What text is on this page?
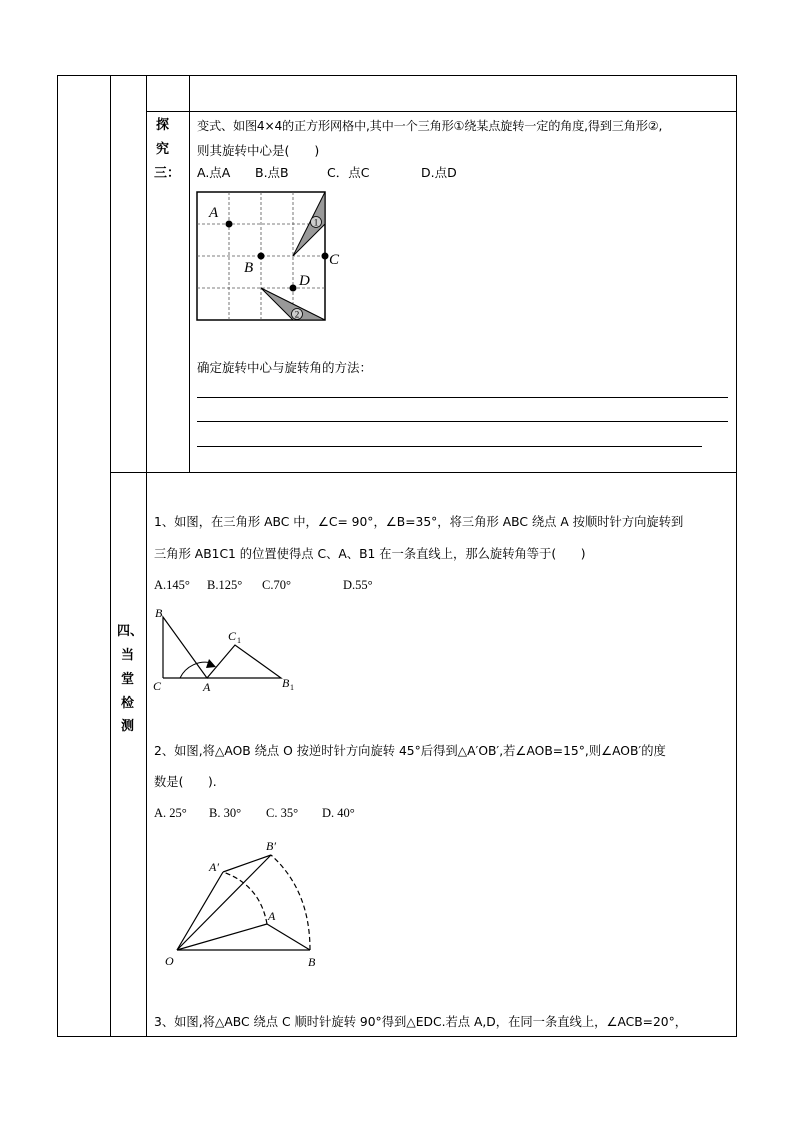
探
究
三：
变式、如图4×4的正方形网格中,其中一个三角形①绕某点旋转一定的角度,得到三角形②,
则其旋转中心是(　　)
A.点A B.点B	C．点C	D.点D
1
2
A
B	C
D
确定旋转中心与旋转角的方法：
四、
当
堂
检
测
1、如图，在三角形 ABC 中，∠C= 90°，∠B=35°，将三角形 ABC 绕点 A 按顺时针方向旋转到
三角形 AB1C1 的位置使得点 C、A、B1 在一条直线上，那么旋转角等于(　　)
A.145° B.125° C.70°	D.55°
B
C 1
C	A	B 1
2、如图,将△AOB 绕点 O 按逆时针方向旋转 45°后得到△A′OB′,若∠AOB=15°,则∠AOB′的度
数是(　　).
A. 25° B. 30° C. 35° D. 40°
A′
B′
A
O	B
3、如图,将△ABC 绕点 C 顺时针旋转 90°得到△EDC.若点 A,D，在同一条直线上，∠ACB=20°，
